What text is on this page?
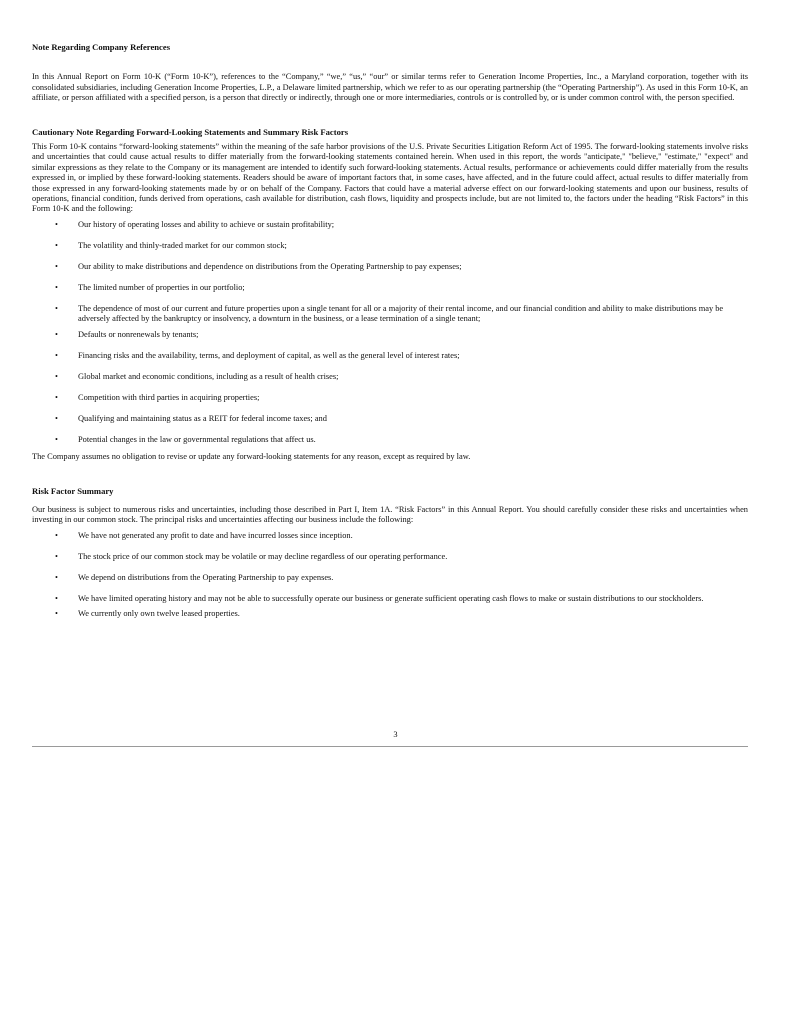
Note Regarding Company References

In this Annual Report on Form 10-K (“Form 10-K”), references to the “Company,” “we,” “us,” “our” or similar terms refer to Generation Income Properties, Inc., a Maryland corporation, together with its consolidated subsidiaries, including Generation Income Properties, L.P., a Delaware limited partnership, which we refer to as our operating partnership (the “Operating Partnership”). As used in this Form 10-K, an affiliate, or person affiliated with a specified person, is a person that directly or indirectly, through one or more intermediaries, controls or is controlled by, or is under common control with, the person specified.

Cautionary Note Regarding Forward-Looking Statements and Summary Risk Factors

This Form 10-K contains “forward-looking statements” within the meaning of the safe harbor provisions of the U.S. Private Securities Litigation Reform Act of 1995. The forward-looking statements involve risks and uncertainties that could cause actual results to differ materially from the forward-looking statements contained herein. When used in this report, the words "anticipate," "believe," "estimate," "expect" and similar expressions as they relate to the Company or its management are intended to identify such forward-looking statements. Actual results, performance or achievements could differ materially from the results expressed in, or implied by these forward-looking statements. Readers should be aware of important factors that, in some cases, have affected, and in the future could affect, actual results to differ materially from those expressed in any forward-looking statements made by or on behalf of the Company. Factors that could have a material adverse effect on our forward-looking statements and upon our business, results of operations, financial condition, funds derived from operations, cash available for distribution, cash flows, liquidity and prospects include, but are not limited to, the factors under the heading “Risk Factors” in this Form 10-K and the following:

• Our history of operating losses and ability to achieve or sustain profitability;
• The volatility and thinly-traded market for our common stock;
• Our ability to make distributions and dependence on distributions from the Operating Partnership to pay expenses;
• The limited number of properties in our portfolio;
• The dependence of most of our current and future properties upon a single tenant for all or a majority of their rental income, and our financial condition and ability to make distributions may be adversely affected by the bankruptcy or insolvency, a downturn in the business, or a lease termination of a single tenant;
• Defaults or nonrenewals by tenants;
• Financing risks and the availability, terms, and deployment of capital, as well as the general level of interest rates;
• Global market and economic conditions, including as a result of health crises;
• Competition with third parties in acquiring properties;
• Qualifying and maintaining status as a REIT for federal income taxes; and
• Potential changes in the law or governmental regulations that affect us.

The Company assumes no obligation to revise or update any forward-looking statements for any reason, except as required by law.

Risk Factor Summary

Our business is subject to numerous risks and uncertainties, including those described in Part I, Item 1A. “Risk Factors” in this Annual Report. You should carefully consider these risks and uncertainties when investing in our common stock. The principal risks and uncertainties affecting our business include the following:

• We have not generated any profit to date and have incurred losses since inception.
• The stock price of our common stock may be volatile or may decline regardless of our operating performance.
• We depend on distributions from the Operating Partnership to pay expenses.
• We have limited operating history and may not be able to successfully operate our business or generate sufficient operating cash flows to make or sustain distributions to our stockholders.
• We currently only own twelve leased properties.
3
